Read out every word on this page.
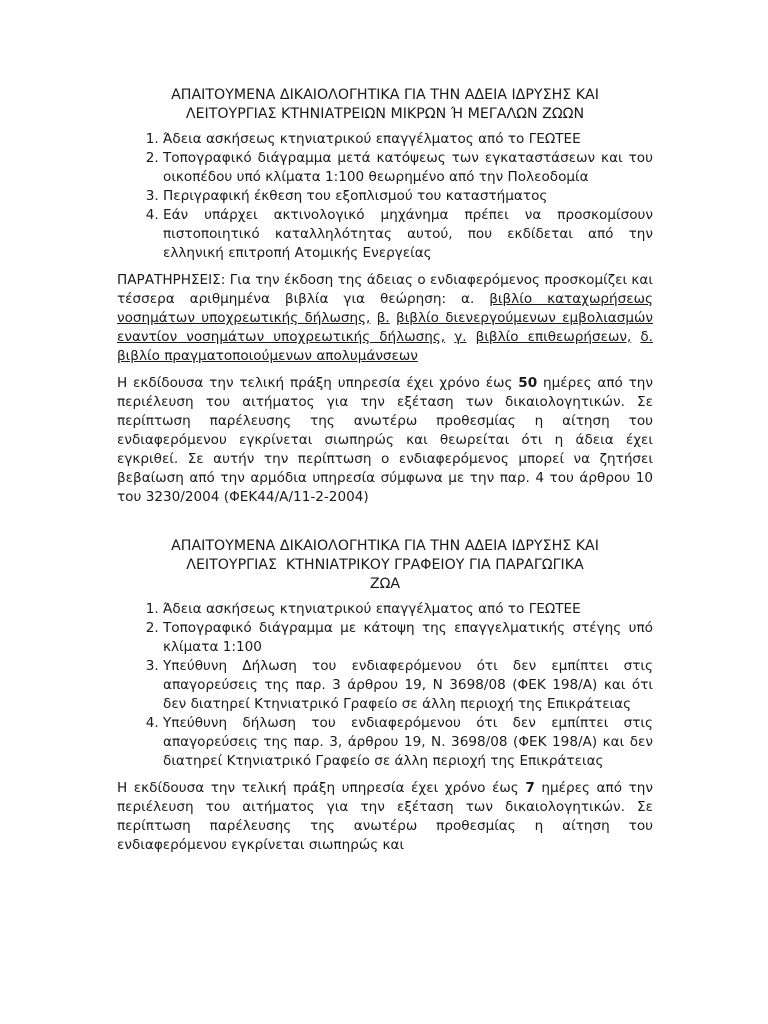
ΑΠΑΙΤΟΥΜΕΝΑ ΔΙΚΑΙΟΛΟΓΗΤΙΚΑ ΓΙΑ ΤΗΝ ΑΔΕΙΑ ΙΔΡΥΣΗΣ ΚΑΙ
ΛΕΙΤΟΥΡΓΙΑΣ ΚΤΗΝΙΑΤΡΕΙΩΝ ΜΙΚΡΩΝ Ή ΜΕΓΑΛΩΝ ΖΩΩΝ
1. Άδεια ασκήσεως κτηνιατρικού επαγγέλματος από το ΓΕΩΤΕΕ
2. Τοπογραφικό διάγραμμα μετά κατόψεως των εγκαταστάσεων και του οικοπέδου υπό κλίματα 1:100 θεωρημένο από την Πολεοδομία
3. Περιγραφική έκθεση του εξοπλισμού του καταστήματος
4. Εάν υπάρχει ακτινολογικό μηχάνημα πρέπει να προσκομίσουν πιστοποιητικό καταλληλότητας αυτού, που εκδίδεται από την ελληνική επιτροπή Ατομικής Ενεργείας

ΠΑΡΑΤΗΡΗΣΕΙΣ: Για την έκδοση της άδειας ο ενδιαφερόμενος προσκομίζει και τέσσερα αριθμημένα βιβλία για θεώρηση: α. βιβλίο καταχωρήσεως νοσημάτων υποχρεωτικής δήλωσης, β. βιβλίο διενεργούμενων εμβολιασμών εναντίον νοσημάτων υποχρεωτικής δήλωσης, γ. βιβλίο επιθεωρήσεων, δ. βιβλίο πραγματοποιούμενων απολυμάνσεων

Η εκδίδουσα την τελική πράξη υπηρεσία έχει χρόνο έως 50 ημέρες από την περιέλευση του αιτήματος για την εξέταση των δικαιολογητικών. Σε περίπτωση παρέλευσης της ανωτέρω προθεσμίας η αίτηση του ενδιαφερόμενου εγκρίνεται σιωπηρώς και θεωρείται ότι η άδεια έχει εγκριθεί. Σε αυτήν την περίπτωση ο ενδιαφερόμενος μπορεί να ζητήσει βεβαίωση από την αρμόδια υπηρεσία σύμφωνα με την παρ. 4 του άρθρου 10 του 3230/2004 (ΦΕΚ44/Α/11-2-2004)

ΑΠΑΙΤΟΥΜΕΝΑ ΔΙΚΑΙΟΛΟΓΗΤΙΚΑ ΓΙΑ ΤΗΝ ΑΔΕΙΑ ΙΔΡΥΣΗΣ ΚΑΙ
ΛΕΙΤΟΥΡΓΙΑΣ  ΚΤΗΝΙΑΤΡΙΚΟΥ ΓΡΑΦΕΙΟΥ ΓΙΑ ΠΑΡΑΓΩΓΙΚΑ
ΖΩΑ
1. Άδεια ασκήσεως κτηνιατρικού επαγγέλματος από το ΓΕΩΤΕΕ
2. Τοπογραφικό διάγραμμα με κάτοψη της επαγγελματικής στέγης υπό κλίματα 1:100
3. Υπεύθυνη Δήλωση του ενδιαφερόμενου ότι δεν εμπίπτει στις απαγορεύσεις της παρ. 3 άρθρου 19, Ν 3698/08 (ΦΕΚ 198/Α) και ότι δεν διατηρεί Κτηνιατρικό Γραφείο σε άλλη περιοχή της Επικράτειας
4. Υπεύθυνη δήλωση του ενδιαφερόμενου ότι δεν εμπίπτει στις απαγορεύσεις της παρ. 3, άρθρου 19, Ν. 3698/08 (ΦΕΚ 198/Α) και δεν διατηρεί Κτηνιατρικό Γραφείο σε άλλη περιοχή της Επικράτειας

Η εκδίδουσα την τελική πράξη υπηρεσία έχει χρόνο έως 7 ημέρες από την περιέλευση του αιτήματος για την εξέταση των δικαιολογητικών. Σε περίπτωση παρέλευσης της ανωτέρω προθεσμίας η αίτηση του ενδιαφερόμενου εγκρίνεται σιωπηρώς και
